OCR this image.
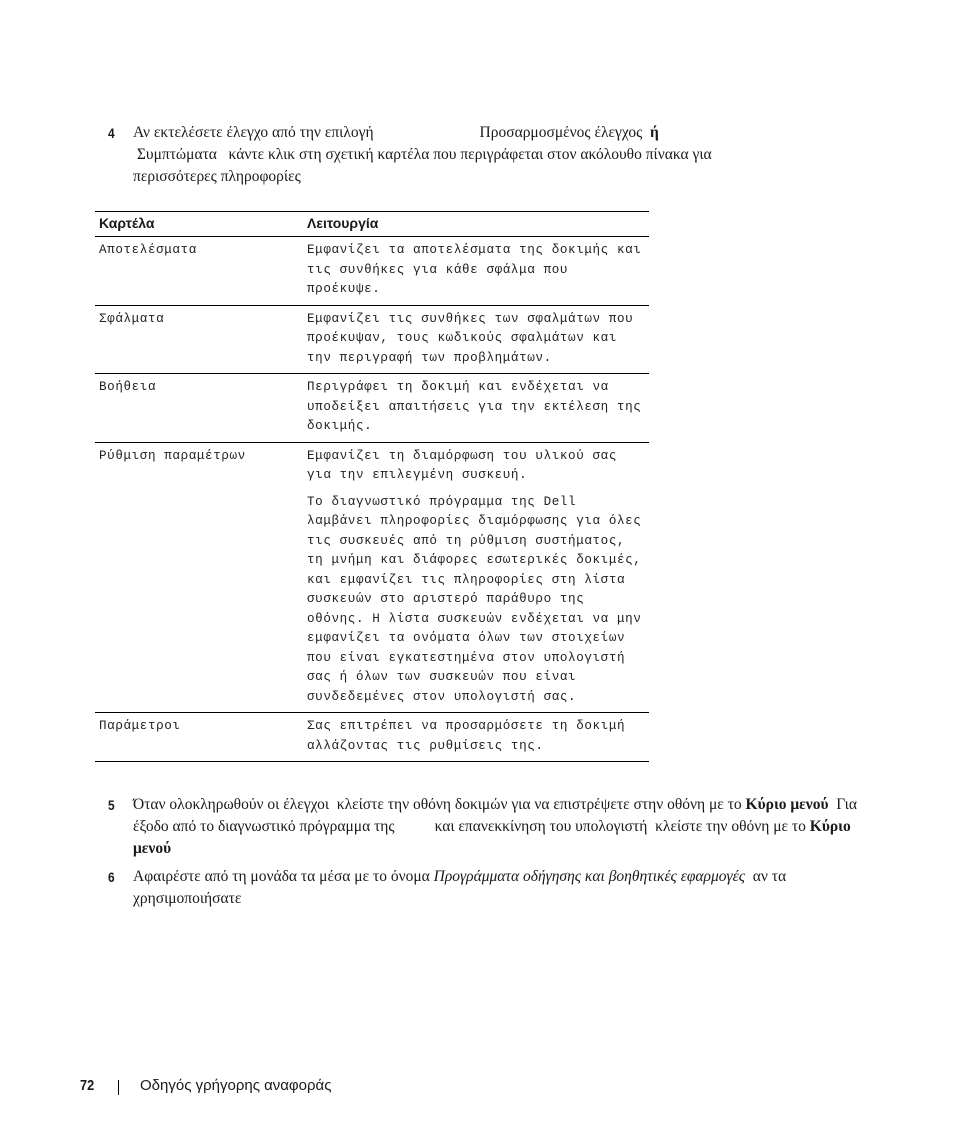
4 Αν εκτελέσετε έλεγχο από την επιλογή	Προσαρμοσμένος έλεγχος ή
Συμπτώματα κάντε κλικ στη σχετική καρτέλα που περιγράφεται στον ακόλουθο πίνακα για
περισσότερες πληροφορίες
Καρτέλα	Λειτουργία
Αποτελέσματα	Εμφανίζει τα αποτελέσματα της δοκιμής και τις συνθήκες για κάθε σφάλμα που προέκυψε.

Σφάλματα	Εμφανίζει τις συνθήκες των σφαλμάτων που προέκυψαν, τους κωδικούς σφαλμάτων και την περιγραφή των προβλημάτων.

Βοήθεια	Περιγράφει τη δοκιμή και ενδέχεται να υποδείξει απαιτήσεις για την εκτέλεση της δοκιμής.

Ρύθμιση παραμέτρων	Εμφανίζει τη διαμόρφωση του υλικού σας για την επιλεγμένη συσκευή.

Το διαγνωστικό πρόγραμμα της Dell λαμβάνει πληροφορίες διαμόρφωσης για όλες τις συσκευές από τη ρύθμιση συστήματος, τη μνήμη και διάφορες εσωτερικές δοκιμές, και εμφανίζει τις πληροφορίες στη λίστα συσκευών στο αριστερό παράθυρο της οθόνης. Η λίστα συσκευών ενδέχεται να μην εμφανίζει τα ονόματα όλων των στοιχείων που είναι εγκατεστημένα στον υπολογιστή σας ή όλων των συσκευών που είναι συνδεδεμένες στον υπολογιστή σας.

Παράμετροι	Σας επιτρέπει να προσαρμόσετε τη δοκιμή αλλάζοντας τις ρυθμίσεις της.

5 Όταν ολοκληρωθούν οι έλεγχοι κλείστε την οθόνη δοκιμών για να επιστρέψετε στην οθόνη με το Κύριο μενού Για έξοδο από το διαγνωστικό πρόγραμμα της	και επανεκκίνηση του υπολογιστή κλείστε την οθόνη με το Κύριο μενού
6 Αφαιρέστε από τη μονάδα τα μέσα με το όνομα Προγράμματα οδήγησης και βοηθητικές εφαρμογές αν τα χρησιμοποιήσατε
72	Οδηγός γρήγορης αναφοράς
